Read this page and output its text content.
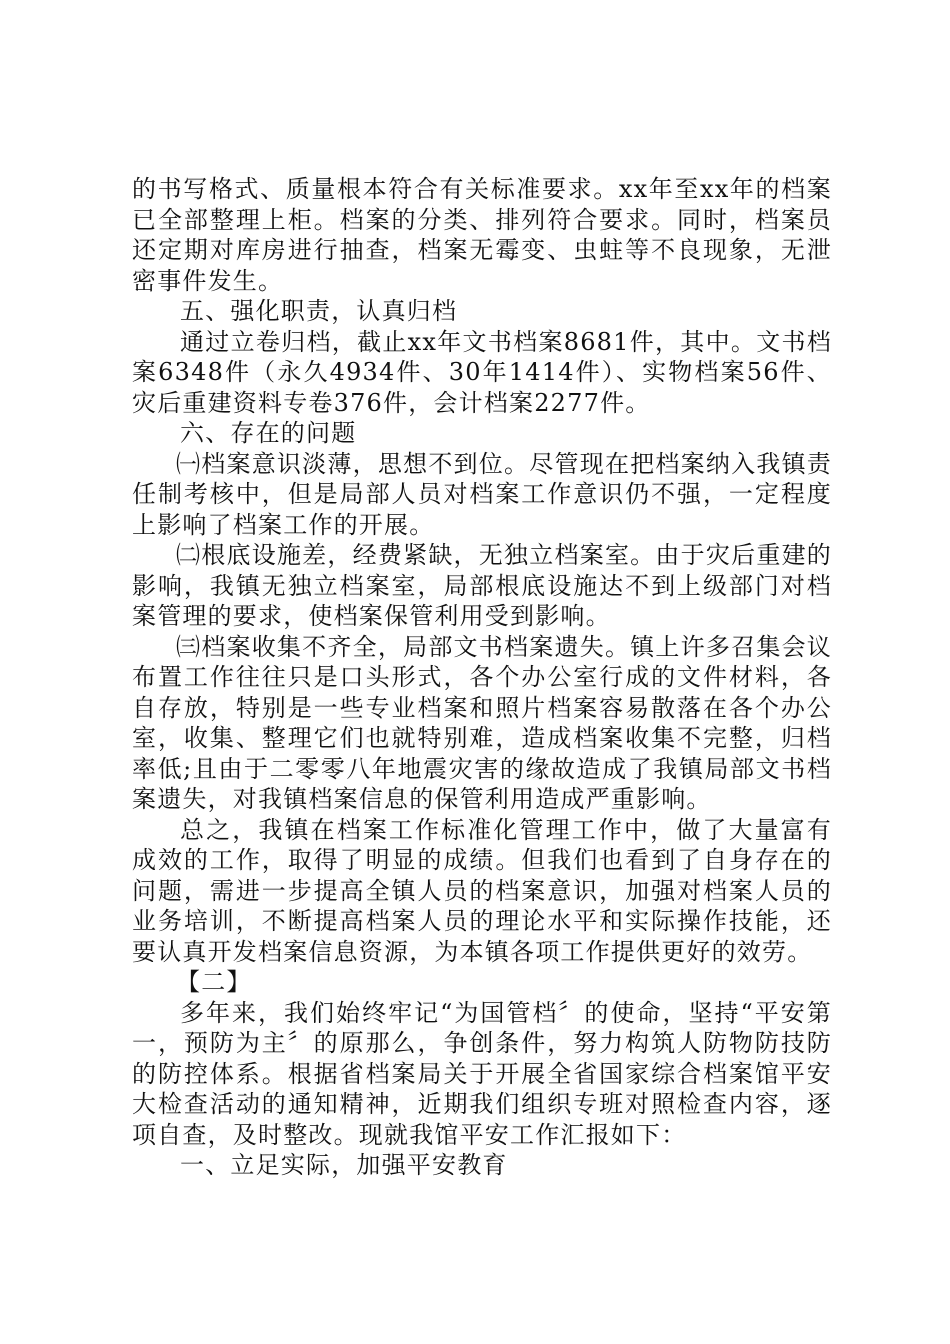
的书写格式、质量根本符合有关标准要求。xx年至xx年的档案已全部整理上柜。档案的分类、排列符合要求。同时，档案员还定期对库房进行抽查，档案无霉变、虫蛀等不良现象，无泄密事件发生。

五、强化职责，认真归档

通过立卷归档，截止xx年文书档案8681件，其中。文书档案6348件（永久4934件、30年1414件）、实物档案56件、灾后重建资料专卷376件，会计档案2277件。

六、存在的问题

㈠档案意识淡薄，思想不到位。尽管现在把档案纳入我镇责任制考核中，但是局部人员对档案工作意识仍不强，一定程度上影响了档案工作的开展。

㈡根底设施差，经费紧缺，无独立档案室。由于灾后重建的影响，我镇无独立档案室，局部根底设施达不到上级部门对档案管理的要求，使档案保管利用受到影响。

㈢档案收集不齐全，局部文书档案遗失。镇上许多召集会议布置工作往往只是口头形式，各个办公室行成的文件材料，各自存放，特别是一些专业档案和照片档案容易散落在各个办公室，收集、整理它们也就特别难，造成档案收集不完整，归档率低;且由于二零零八年地震灾害的缘故造成了我镇局部文书档案遗失，对我镇档案信息的保管利用造成严重影响。

总之，我镇在档案工作标准化管理工作中，做了大量富有成效的工作，取得了明显的成绩。但我们也看到了自身存在的问题，需进一步提高全镇人员的档案意识，加强对档案人员的业务培训，不断提高档案人员的理论水平和实际操作技能，还要认真开发档案信息资源，为本镇各项工作提供更好的效劳。

【二】

多年来，我们始终牢记“为国管档〞的使命，坚持“平安第一，预防为主〞的原那么，争创条件，努力构筑人防物防技防的防控体系。根据省档案局关于开展全省国家综合档案馆平安大检查活动的通知精神，近期我们组织专班对照检查内容，逐项自查，及时整改。现就我馆平安工作汇报如下：

一、立足实际，加强平安教育
